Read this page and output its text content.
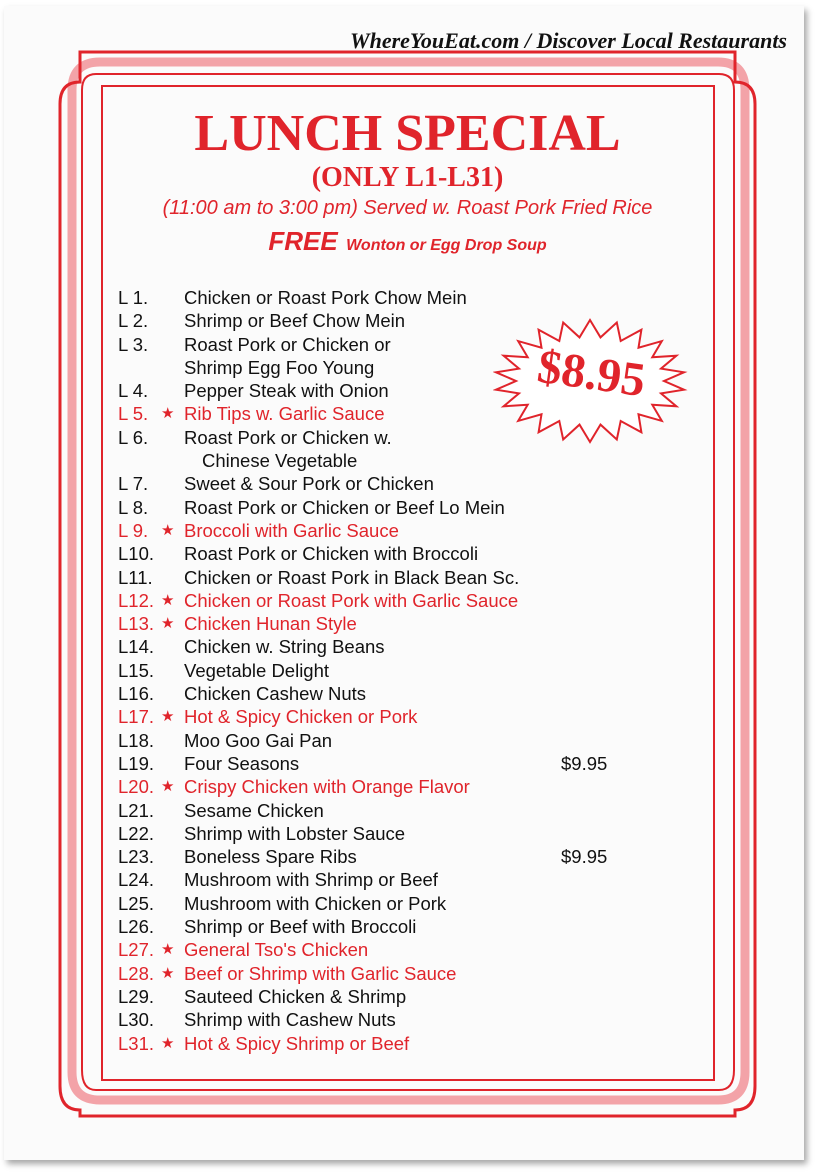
WhereYouEat.com / Discover Local Restaurants
LUNCH SPECIAL
(ONLY L1-L31)
(11:00 am to 3:00 pm) Served w. Roast Pork Fried Rice
FREE Wonton or Egg Drop Soup
$8.95
L 1. Chicken or Roast Pork Chow Mein
L 2. Shrimp or Beef Chow Mein
L 3. Roast Pork or Chicken or
Shrimp Egg Foo Young
L 4. Pepper Steak with Onion
L 5. ★ Rib Tips w. Garlic Sauce
L 6. Roast Pork or Chicken w.
Chinese Vegetable
L 7. Sweet & Sour Pork or Chicken
L 8. Roast Pork or Chicken or Beef Lo Mein
L 9. ★ Broccoli with Garlic Sauce
L10. Roast Pork or Chicken with Broccoli
L11. Chicken or Roast Pork in Black Bean Sc.
L12. ★ Chicken or Roast Pork with Garlic Sauce
L13. ★ Chicken Hunan Style
L14. Chicken w. String Beans
L15. Vegetable Delight
L16. Chicken Cashew Nuts
L17. ★ Hot & Spicy Chicken or Pork
L18. Moo Goo Gai Pan
L19. Four Seasons	$9.95
L20. ★ Crispy Chicken with Orange Flavor
L21. Sesame Chicken
L22. Shrimp with Lobster Sauce
L23. Boneless Spare Ribs	$9.95
L24. Mushroom with Shrimp or Beef
L25. Mushroom with Chicken or Pork
L26. Shrimp or Beef with Broccoli
L27. ★ General Tso's Chicken
L28. ★ Beef or Shrimp with Garlic Sauce
L29. Sauteed Chicken & Shrimp
L30. Shrimp with Cashew Nuts
L31. ★ Hot & Spicy Shrimp or Beef
